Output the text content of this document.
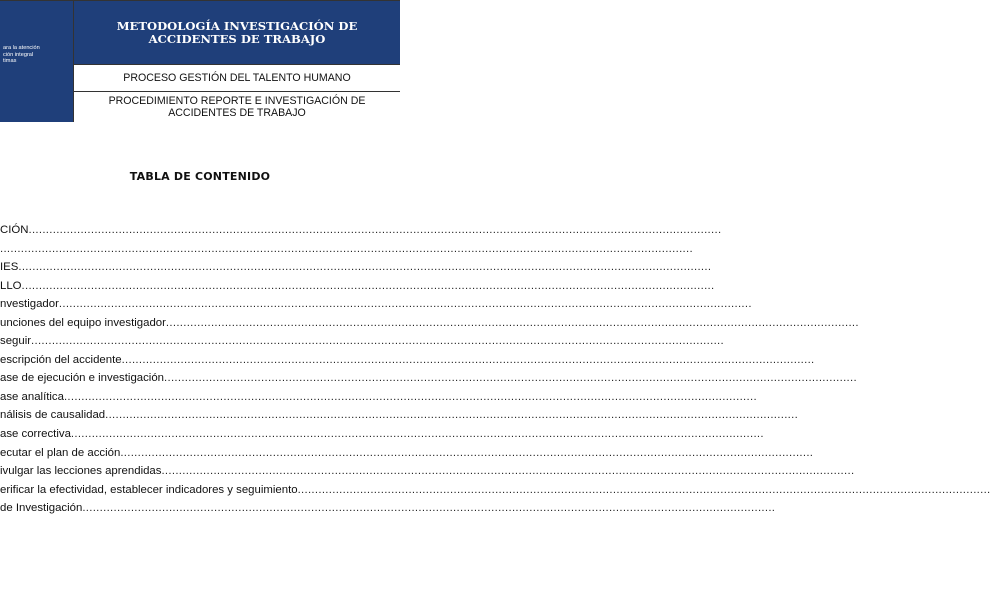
ara la atención
ción integral
timas
METODOLOGÍA INVESTIGACIÓN DE ACCIDENTES DE TRABAJO
PROCESO GESTIÓN DEL TALENTO HUMANO
PROCEDIMIENTO REPORTE E INVESTIGACIÓN DE ACCIDENTES DE TRABAJO
TABLA DE CONTENIDO
CIÓN ........................................................................................................................................................................................................
........................................................................................................................................................................................................
IES ........................................................................................................................................................................................................
LLO ........................................................................................................................................................................................................
nvestigador ........................................................................................................................................................................................................
unciones del equipo investigador ........................................................................................................................................................................................................
seguir ........................................................................................................................................................................................................
escripción del accidente ........................................................................................................................................................................................................
ase de ejecución e investigación ........................................................................................................................................................................................................
ase analítica ........................................................................................................................................................................................................
nálisis de causalidad ........................................................................................................................................................................................................
ase correctiva ........................................................................................................................................................................................................
ecutar el plan de acción ........................................................................................................................................................................................................
ivulgar las lecciones aprendidas ........................................................................................................................................................................................................
erificar la efectividad, establecer indicadores y seguimiento ........................................................................................................................................................................................................
de Investigación ........................................................................................................................................................................................................
